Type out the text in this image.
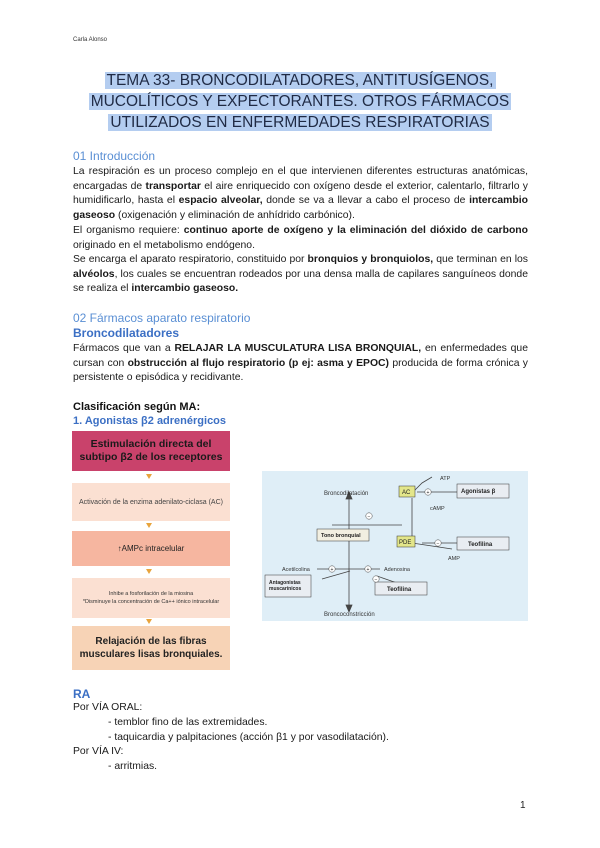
Carla Alonso
TEMA 33- BRONCODILATADORES, ANTITUSÍGENOS,
MUCOLÍTICOS Y EXPECTORANTES. OTROS FÁRMACOS
UTILIZADOS EN ENFERMEDADES RESPIRATORIAS
01 Introducción
La respiración es un proceso complejo en el que intervienen diferentes estructuras anatómicas, encargadas de transportar el aire enriquecido con oxígeno desde el exterior, calentarlo, filtrarlo y humidificarlo, hasta el espacio alveolar, donde se va a llevar a cabo el proceso de intercambio gaseoso (oxigenación y eliminación de anhídrido carbónico).
El organismo requiere: continuo aporte de oxígeno y la eliminación del dióxido de carbono originado en el metabolismo endógeno.
Se encarga el aparato respiratorio, constituido por bronquios y bronquiolos, que terminan en los alvéolos, los cuales se encuentran rodeados por una densa malla de capilares sanguíneos donde se realiza el intercambio gaseoso.
02 Fármacos aparato respiratorio
Broncodilatadores
Fármacos que van a RELAJAR LA MUSCULATURA LISA BRONQUIAL, en enfermedades que cursan con obstrucción al flujo respiratorio (p ej: asma y EPOC) producida de forma crónica y persistente o episódica y recidivante.
Clasificación según MA:
1. Agonistas β2 adrenérgicos
Estimulación directa del subtipo β2 de los receptores
Activación de la enzima adenilato-ciclasa (AC)
↑AMPc intracelular
Inhibe a fosforilación de la miosina
*Disminuye la concentración de Ca++ iónico intracelular
Relajación de las fibras musculares lisas bronquiales.
ATP
Broncodilatación	AC	Agonistas β
cAMP
Tono bronquial
PDE	Teofilina
AMP
Acetilcolina	Adenosina
Antagonistas muscarínicos	Teofilina
Broncoconstricción
−
+
−
+	+
−
RA
Por VÍA ORAL:
- temblor fino de las extremidades.
- taquicardia y palpitaciones (acción β1 y por vasodilatación).
Por VÍA IV:
- arritmias.
1
